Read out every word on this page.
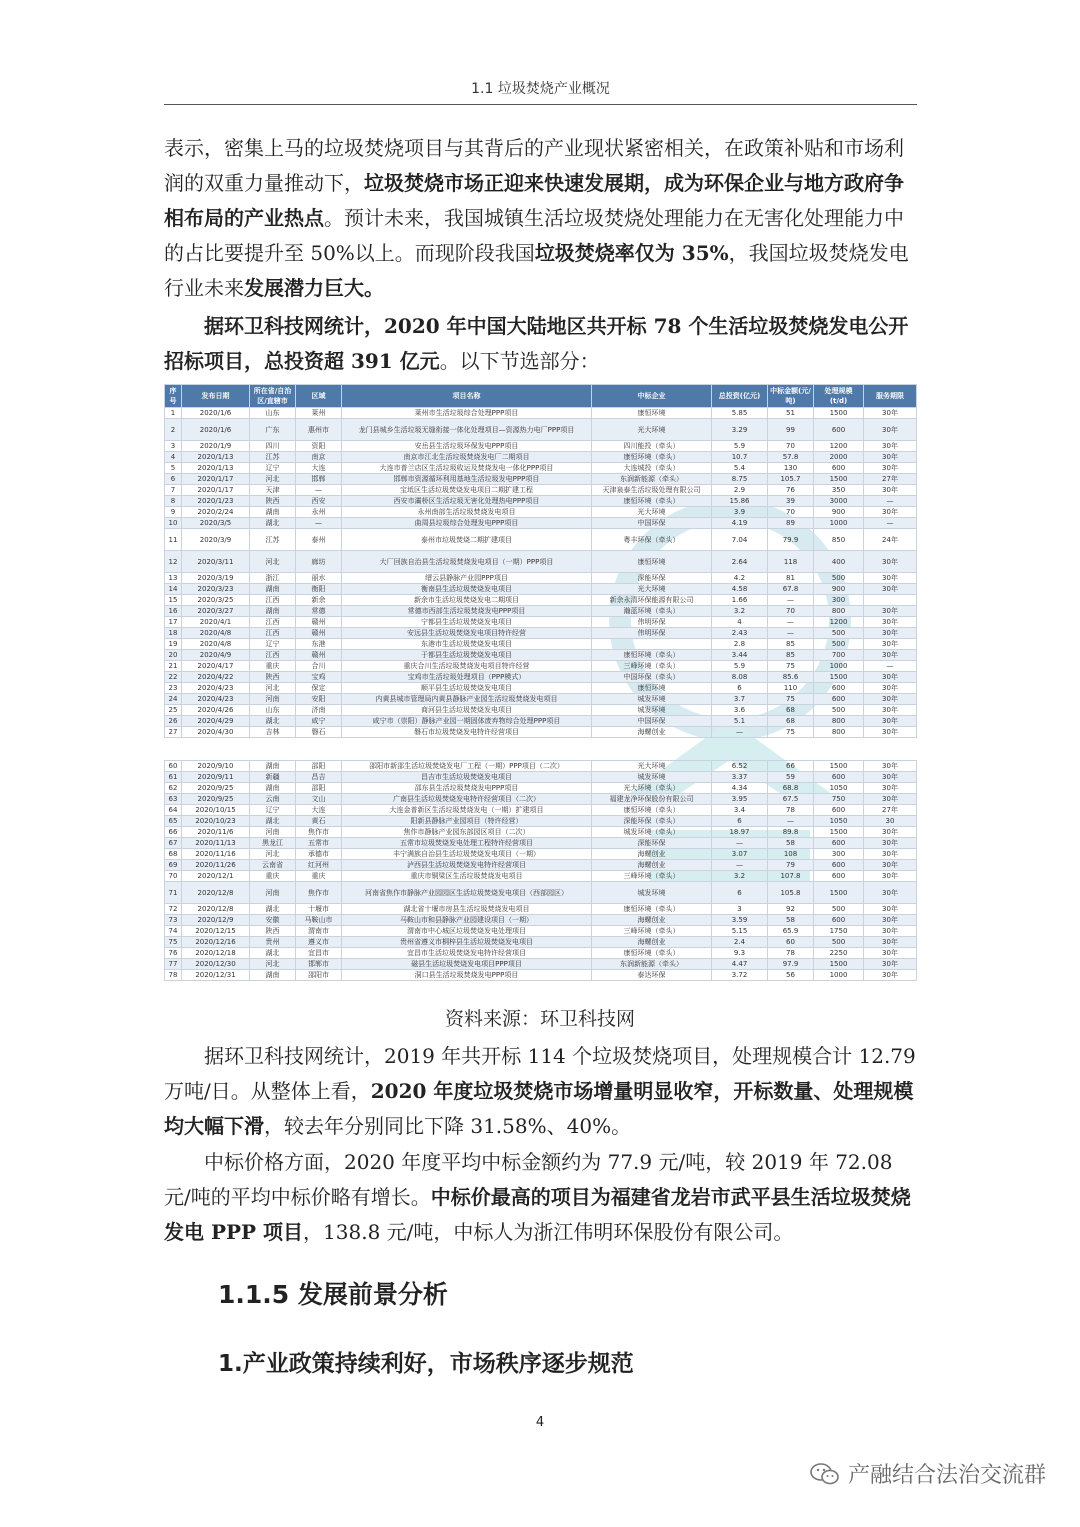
1.1 垃圾焚烧产业概况

表示，密集上马的垃圾焚烧项目与其背后的产业现状紧密相关，在政策补贴和市场利润的双重力量推动下，垃圾焚烧市场正迎来快速发展期，成为环保企业与地方政府争相布局的产业热点。预计未来，我国城镇生活垃圾焚烧处理能力在无害化处理能力中的占比要提升至 50%以上。而现阶段我国垃圾焚烧率仅为 35%，我国垃圾焚烧发电行业未来发展潜力巨大。

据环卫科技网统计，2020 年中国大陆地区共开标 78 个生活垃圾焚烧发电公开招标项目，总投资超 391 亿元。以下节选部分：

序号	发布日期	所在省/自治区/直辖市	区域	项目名称	中标企业	总投资(亿元)	中标金额(元/吨)	处理规模(t/d)	服务期限
1	2020/1/6	山东	莱州	莱州市生活垃圾综合处理PPP项目	康恒环境	5.85	51	1500	30年
2	2020/1/6	广东	惠州市	龙门县城乡生活垃圾无缝衔接一体化处理项目—资源热力电厂PPP项目	光大环境	3.29	99	600	30年
3	2020/1/9	四川	资阳	安岳县生活垃圾环保发电PPP项目	四川能投（牵头）	5.9	70	1200	30年
4	2020/1/13	江苏	南京	南京市江北生活垃圾焚烧发电厂二期项目	康恒环境（牵头）	10.7	57.8	2000	30年
5	2020/1/13	辽宁	大连	大连市普兰店区生活垃圾收运及焚烧发电一体化PPP项目	大连城投（牵头）	5.4	130	600	30年
6	2020/1/17	河北	邯郸	邯郸市资源循环利用基地生活垃圾发电PPP项目	东润新能源（牵头）	8.75	105.7	1500	27年
7	2020/1/17	天津	—	宝坻区生活垃圾焚烧发电项目二期扩建工程	天津泉泰生活垃圾处理有限公司	2.9	76	350	30年
8	2020/1/23	陕西	西安	西安市灞桥区生活垃圾无害化处理热电PPP项目	康恒环境（牵头）	15.86	39	3000	—
9	2020/2/24	湖南	永州	永州南部生活垃圾焚烧发电项目	光大环境	3.9	70	900	30年
10	2020/3/5	湖北	—	曲周县垃圾综合处理发电PPP项目	中国环保	4.19	89	1000	—
11	2020/3/9	江苏	泰州	泰州市垃圾焚烧二期扩建项目	粤丰环保（牵头）	7.04	79.9	850	24年
12	2020/3/11	河北	廊坊	大厂回族自治县生活垃圾焚烧发电项目（一期）PPP项目	康恒环境	2.64	118	400	30年
13	2020/3/19	浙江	丽水	缙云县静脉产业园PPP项目	深能环保	4.2	81	500	30年
14	2020/3/23	湖南	衡阳	衡南县生活垃圾焚烧发电项目	光大环境	4.58	67.8	900	30年
15	2020/3/25	江西	新余	新余市生活垃圾焚烧发电二期项目	新余永清环保能源有限公司	1.66	—	300	
16	2020/3/27	湖南	常德	常德市西部生活垃圾焚烧发电PPP项目	瀚蓝环境（牵头）	3.2	70	800	30年
17	2020/4/1	江西	赣州	宁都县生活垃圾焚烧发电项目	伟明环保	4	—	1200	30年
18	2020/4/8	江西	赣州	安远县生活垃圾焚烧发电项目特许经营	伟明环保	2.43	—	500	30年
19	2020/4/8	辽宁	东港	东港市生活垃圾焚烧发电项目		2.8	85	500	30年
20	2020/4/9	江西	赣州	于都县生活垃圾焚烧发电项目	康恒环境（牵头）	3.44	85	700	30年
21	2020/4/17	重庆	合川	重庆合川生活垃圾焚烧发电项目特许经营	三峰环境（牵头）	5.9	75	1000	—
22	2020/4/22	陕西	宝鸡	宝鸡市生活垃圾处理项目（PPP模式）	中国环保（牵头）	8.08	85.6	1500	30年
23	2020/4/23	河北	保定	顺平县生活垃圾焚烧发电项目	康恒环境	6	110	600	30年
24	2020/4/23	河南	安阳	内黄县城市管理局内黄县静脉产业园生活垃圾焚烧发电项目	城发环境	3.7	75	600	30年
25	2020/4/26	山东	济南	商河县生活垃圾焚烧发电项目	城发环境	3.6	68	500	30年
26	2020/4/29	湖北	咸宁	咸宁市（崇阳）静脉产业园一期固体废弃物综合处理PPP项目	中国环保	5.1	68	800	30年
27	2020/4/30	吉林	磐石	磐石市垃圾焚烧发电特许经营项目	海螺创业	—	75	800	30年
60	2020/9/10	湖南	邵阳	邵阳市新邵生活垃圾焚烧发电厂工程（一期）PPP项目（二次）	光大环境	6.52	66	1500	30年
61	2020/9/11	新疆	昌吉	昌吉市生活垃圾焚烧发电项目	城发环境	3.37	59	600	30年
62	2020/9/25	湖南	邵阳	邵东县生活垃圾焚烧发电PPP项目	光大环境（牵头）	4.34	68.8	1050	30年
63	2020/9/25	云南	文山	广南县生活垃圾焚烧发电特许经营项目（二次）	福建龙净环保股份有限公司	3.95	67.5	750	30年
64	2020/10/15	辽宁	大连	大连金普新区生活垃圾焚烧发电（一期）扩建项目	康恒环境（牵头）	3.4	78	600	27年
65	2020/10/23	湖北	黄石	阳新县静脉产业园项目（特许经营）	深能环保（牵头）	6	—	1050	30
66	2020/11/6	河南	焦作市	焦作市静脉产业园东部园区项目（二次）	城发环境（牵头）	18.97	89.8	1500	30年
67	2020/11/13	黑龙江	五常市	五常市垃圾焚烧发电处理工程特许经营项目	深能环保	—	58	600	30年
68	2020/11/16	河北	承德市	丰宁满族自治县生活垃圾焚烧发电项目（一期）	海螺创业	3.07	108	300	30年
69	2020/11/26	云南省	红河州	泸西县生活垃圾焚烧发电特许经营项目	海螺创业	—	79	600	30年
70	2020/12/1	重庆	重庆	重庆市铜梁区生活垃圾焚烧发电项目	三峰环境（牵头）	3.2	107.8	600	30年
71	2020/12/8	河南	焦作市	河南省焦作市静脉产业园园区生活垃圾焚烧发电项目（西部园区）	城发环境	6	105.8	1500	30年
72	2020/12/8	湖北	十堰市	湖北省十堰市房县生活垃圾焚烧发电项目	康恒环境（牵头）	3	92	500	30年
73	2020/12/9	安徽	马鞍山市	马鞍山市和县静脉产业园建设项目（一期）	海螺创业	3.59	58	600	30年
74	2020/12/15	陕西	渭南市	渭南市中心城区垃圾焚烧发电处理项目	三峰环境（牵头）	5.15	65.9	1750	30年
75	2020/12/16	贵州	遵义市	贵州省遵义市桐梓县生活垃圾焚烧发电项目	海螺创业	2.4	60	500	30年
76	2020/12/18	湖北	宜昌市	宜昌市生活垃圾焚烧发电特许经营项目	康恒环境（牵头）	9.3	78	2250	30年
77	2020/12/30	河北	邯郸市	磁县生活垃圾焚烧发电项目PPP项目	东润新能源（牵头）	4.47	97.9	1500	30年
78	2020/12/31	湖南	邵阳市	洞口县生活垃圾焚烧发电PPP项目	泰达环保	3.72	56	1000	30年
资料来源：环卫科技网

据环卫科技网统计，2019 年共开标 114 个垃圾焚烧项目，处理规模合计 12.79 万吨/日。从整体上看，2020 年度垃圾焚烧市场增量明显收窄，开标数量、处理规模均大幅下滑，较去年分别同比下降 31.58%、40%。

中标价格方面，2020 年度平均中标金额约为 77.9 元/吨，较 2019 年 72.08 元/吨的平均中标价略有增长。中标价最高的项目为福建省龙岩市武平县生活垃圾焚烧发电 PPP 项目，138.8 元/吨，中标人为浙江伟明环保股份有限公司。

1.1.5 发展前景分析
1.产业政策持续利好，市场秩序逐步规范
4
产融结合法治交流群
